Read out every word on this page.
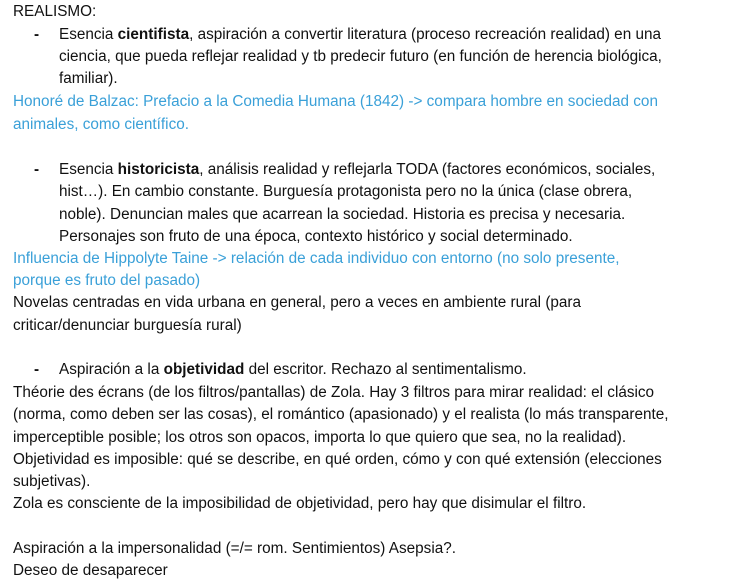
REALISMO:
- Esencia cientifista, aspiración a convertir literatura (proceso recreación realidad) en una
ciencia, que pueda reflejar realidad y tb predecir futuro (en función de herencia biológica,
familiar).
Honoré de Balzac: Prefacio a la Comedia Humana (1842) -> compara hombre en sociedad con
animales, como científico.
- Esencia historicista, análisis realidad y reflejarla TODA (factores económicos, sociales,
hist…). En cambio constante. Burguesía protagonista pero no la única (clase obrera,
noble). Denuncian males que acarrean la sociedad. Historia es precisa y necesaria.
Personajes son fruto de una época, contexto histórico y social determinado.
Influencia de Hippolyte Taine -> relación de cada individuo con entorno (no solo presente,
porque es fruto del pasado)
Novelas centradas en vida urbana en general, pero a veces en ambiente rural (para
criticar/denunciar burguesía rural)
- Aspiración a la objetividad del escritor. Rechazo al sentimentalismo.
Théorie des écrans (de los filtros/pantallas) de Zola. Hay 3 filtros para mirar realidad: el clásico
(norma, como deben ser las cosas), el romántico (apasionado) y el realista (lo más transparente,
imperceptible posible; los otros son opacos, importa lo que quiero que sea, no la realidad).
Objetividad es imposible: qué se describe, en qué orden, cómo y con qué extensión (elecciones
subjetivas).
Zola es consciente de la imposibilidad de objetividad, pero hay que disimular el filtro.
Aspiración a la impersonalidad (=/= rom. Sentimientos) Asepsia?.
Deseo de desaparecer
